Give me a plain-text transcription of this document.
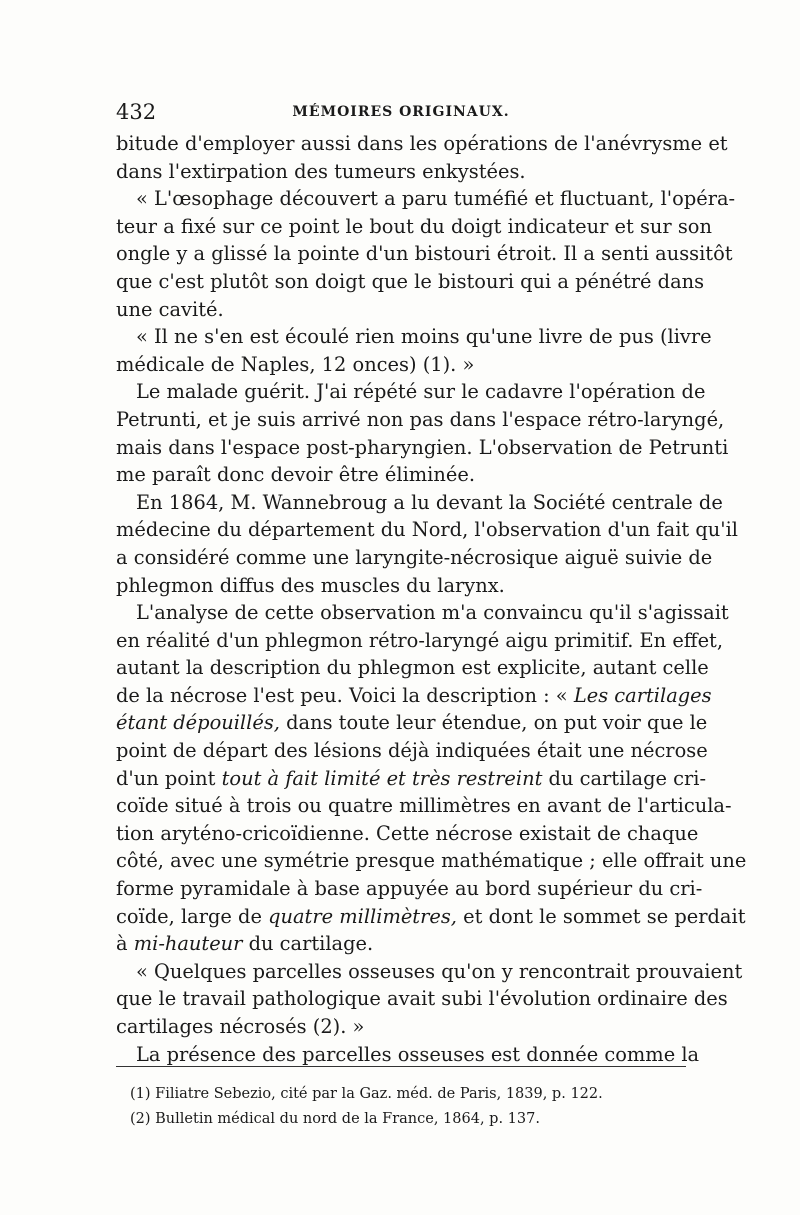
432	MÉMOIRES ORIGINAUX.
bitude d'employer aussi dans les opérations de l'anévrysme et
dans l'extirpation des tumeurs enkystées.
« L'œsophage découvert a paru tuméfié et fluctuant, l'opéra-
teur a fixé sur ce point le bout du doigt indicateur et sur son
ongle y a glissé la pointe d'un bistouri étroit. Il a senti aussitôt
que c'est plutôt son doigt que le bistouri qui a pénétré dans
une cavité.
« Il ne s'en est écoulé rien moins qu'une livre de pus (livre
médicale de Naples, 12 onces) (1). »
Le malade guérit. J'ai répété sur le cadavre l'opération de
Petrunti, et je suis arrivé non pas dans l'espace rétro-laryngé,
mais dans l'espace post-pharyngien. L'observation de Petrunti
me paraît donc devoir être éliminée.
En 1864, M. Wannebroug a lu devant la Société centrale de
médecine du département du Nord, l'observation d'un fait qu'il
a considéré comme une laryngite-nécrosique aiguë suivie de
phlegmon diffus des muscles du larynx.
L'analyse de cette observation m'a convaincu qu'il s'agissait
en réalité d'un phlegmon rétro-laryngé aigu primitif. En effet,
autant la description du phlegmon est explicite, autant celle
de la nécrose l'est peu. Voici la description : « Les cartilages
étant dépouillés, dans toute leur étendue, on put voir que le
point de départ des lésions déjà indiquées était une nécrose
d'un point tout à fait limité et très restreint du cartilage cri-
coïde situé à trois ou quatre millimètres en avant de l'articula-
tion aryténo-cricoïdienne. Cette nécrose existait de chaque
côté, avec une symétrie presque mathématique ; elle offrait une
forme pyramidale à base appuyée au bord supérieur du cri-
coïde, large de quatre millimètres, et dont le sommet se perdait
à mi-hauteur du cartilage.
« Quelques parcelles osseuses qu'on y rencontrait prouvaient
que le travail pathologique avait subi l'évolution ordinaire des
cartilages nécrosés (2). »
La présence des parcelles osseuses est donnée comme la
(1) Filiatre Sebezio, cité par la Gaz. méd. de Paris, 1839, p. 122.
(2) Bulletin médical du nord de la France, 1864, p. 137.
